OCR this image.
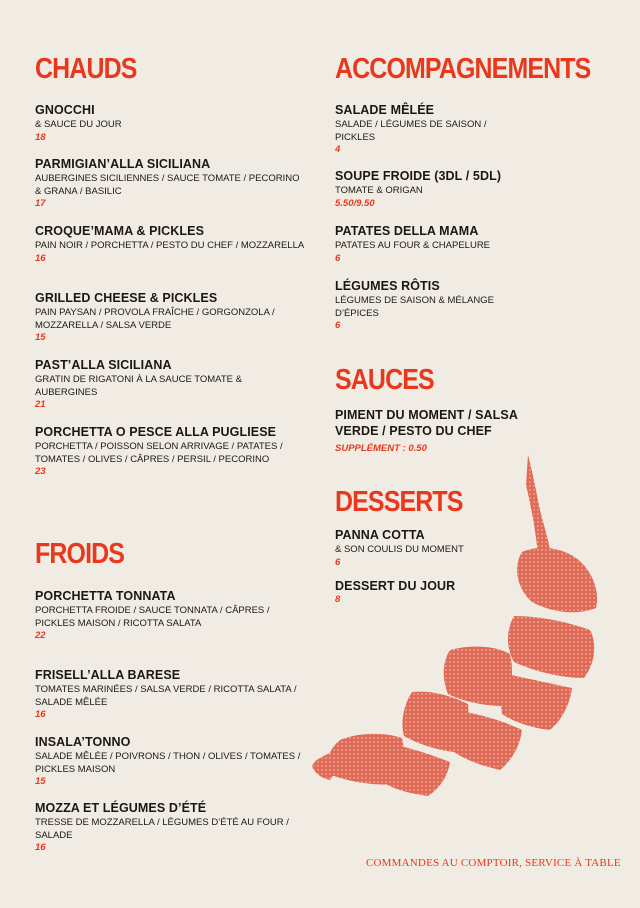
CHAUDS
GNOCCHI
& SAUCE DU JOUR
18
PARMIGIAN’ALLA SICILIANA
AUBERGINES SICILIENNES / SAUCE TOMATE / PECORINO & GRANA / BASILIC
17
CROQUE’MAMA & PICKLES
PAIN NOIR / PORCHETTA / PESTO DU CHEF / MOZZARELLA
16
GRILLED CHEESE & PICKLES
PAIN PAYSAN / PROVOLA FRAÎCHE / GORGONZOLA / MOZZARELLA / SALSA VERDE
15
PAST’ALLA SICILIANA
GRATIN DE RIGATONI À LA SAUCE TOMATE & AUBERGINES
21
PORCHETTA O PESCE ALLA PUGLIESE
PORCHETTA / POISSON SELON ARRIVAGE / PATATES / TOMATES / OLIVES / CÂPRES / PERSIL / PECORINO
23
FROIDS
PORCHETTA TONNATA
PORCHETTA FROIDE / SAUCE TONNATA / CÂPRES / PICKLES MAISON / RICOTTA SALATA
22
FRISELL’ALLA BARESE
TOMATES MARINÉES / SALSA VERDE / RICOTTA SALATA / SALADE MÊLÉE
16
INSALA’TONNO
SALADE MÊLÉE / POIVRONS / THON / OLIVES / TOMATES / PICKLES MAISON
15
MOZZA ET LÉGUMES D’ÉTÉ
TRESSE DE MOZZARELLA / LÉGUMES D’ÉTÉ AU FOUR / SALADE
16
ACCOMPAGNEMENTS
SALADE MÊLÉE
SALADE / LÉGUMES DE SAISON / PICKLES
4
SOUPE FROIDE (3DL / 5DL)
TOMATE & ORIGAN
5.50/9.50
PATATES DELLA MAMA
PATATES AU FOUR & CHAPELURE
6
LÉGUMES RÔTIS
LÉGUMES DE SAISON & MÉLANGE D’ÉPICES
6
SAUCES
PIMENT DU MOMENT / SALSA VERDE / PESTO DU CHEF
SUPPLÉMENT : 0.50
DESSERTS
PANNA COTTA
& SON COULIS DU MOMENT
6
DESSERT DU JOUR
8
COMMANDES AU COMPTOIR, SERVICE À TABLE
